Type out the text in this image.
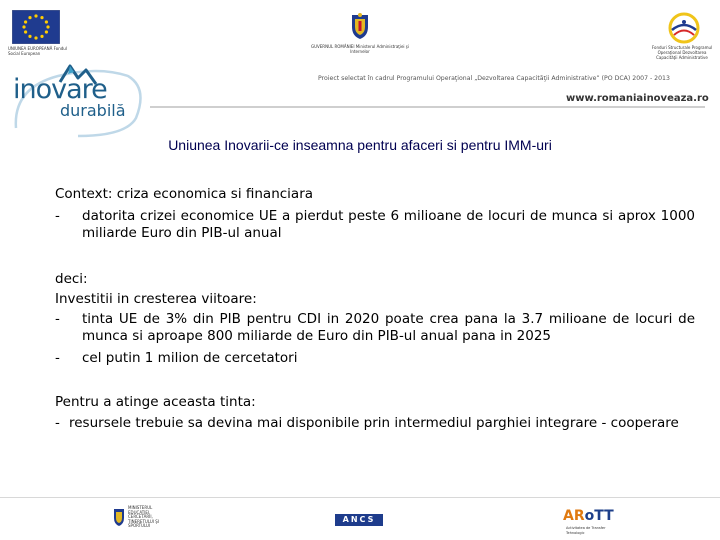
UNIUNEA EUROPEANĂ Fondul Social European
GUVERNUL ROMÂNIEI Ministerul Administraţiei şi Internelor
Fonduri Structurale Programul Operaţional Dezvoltarea Capacităţii Administrative
inovare
durabilă
Proiect selectat în cadrul Programului Operaţional „Dezvoltarea Capacităţii Administrative” (PO DCA) 2007 - 2013
www.romaniainoveaza.ro
Uniunea Inovarii-ce inseamna pentru afaceri si pentru IMM-uri
Context: criza economica si financiara
- datorita crizei economice UE a pierdut peste 6 milioane de locuri de munca si aprox 1000 miliarde Euro din PIB-ul anual
deci:
Investitii in cresterea viitoare:
- tinta UE de 3% din PIB pentru CDI in 2020 poate crea pana la 3.7 milioane de locuri de munca si aproape 800 miliarde de Euro din PIB-ul anual pana in 2025
- cel putin 1 milion de cercetatori
Pentru a atinge aceasta tinta:
- resursele trebuie sa devina mai disponibile prin intermediul parghiei integrare - cooperare
MINISTERUL EDUCAŢIEI, CERCETĂRII, TINERETULUI ŞI SPORTULUI
ANCS	ARoTT
Activitatea de Transfer Tehnologic
